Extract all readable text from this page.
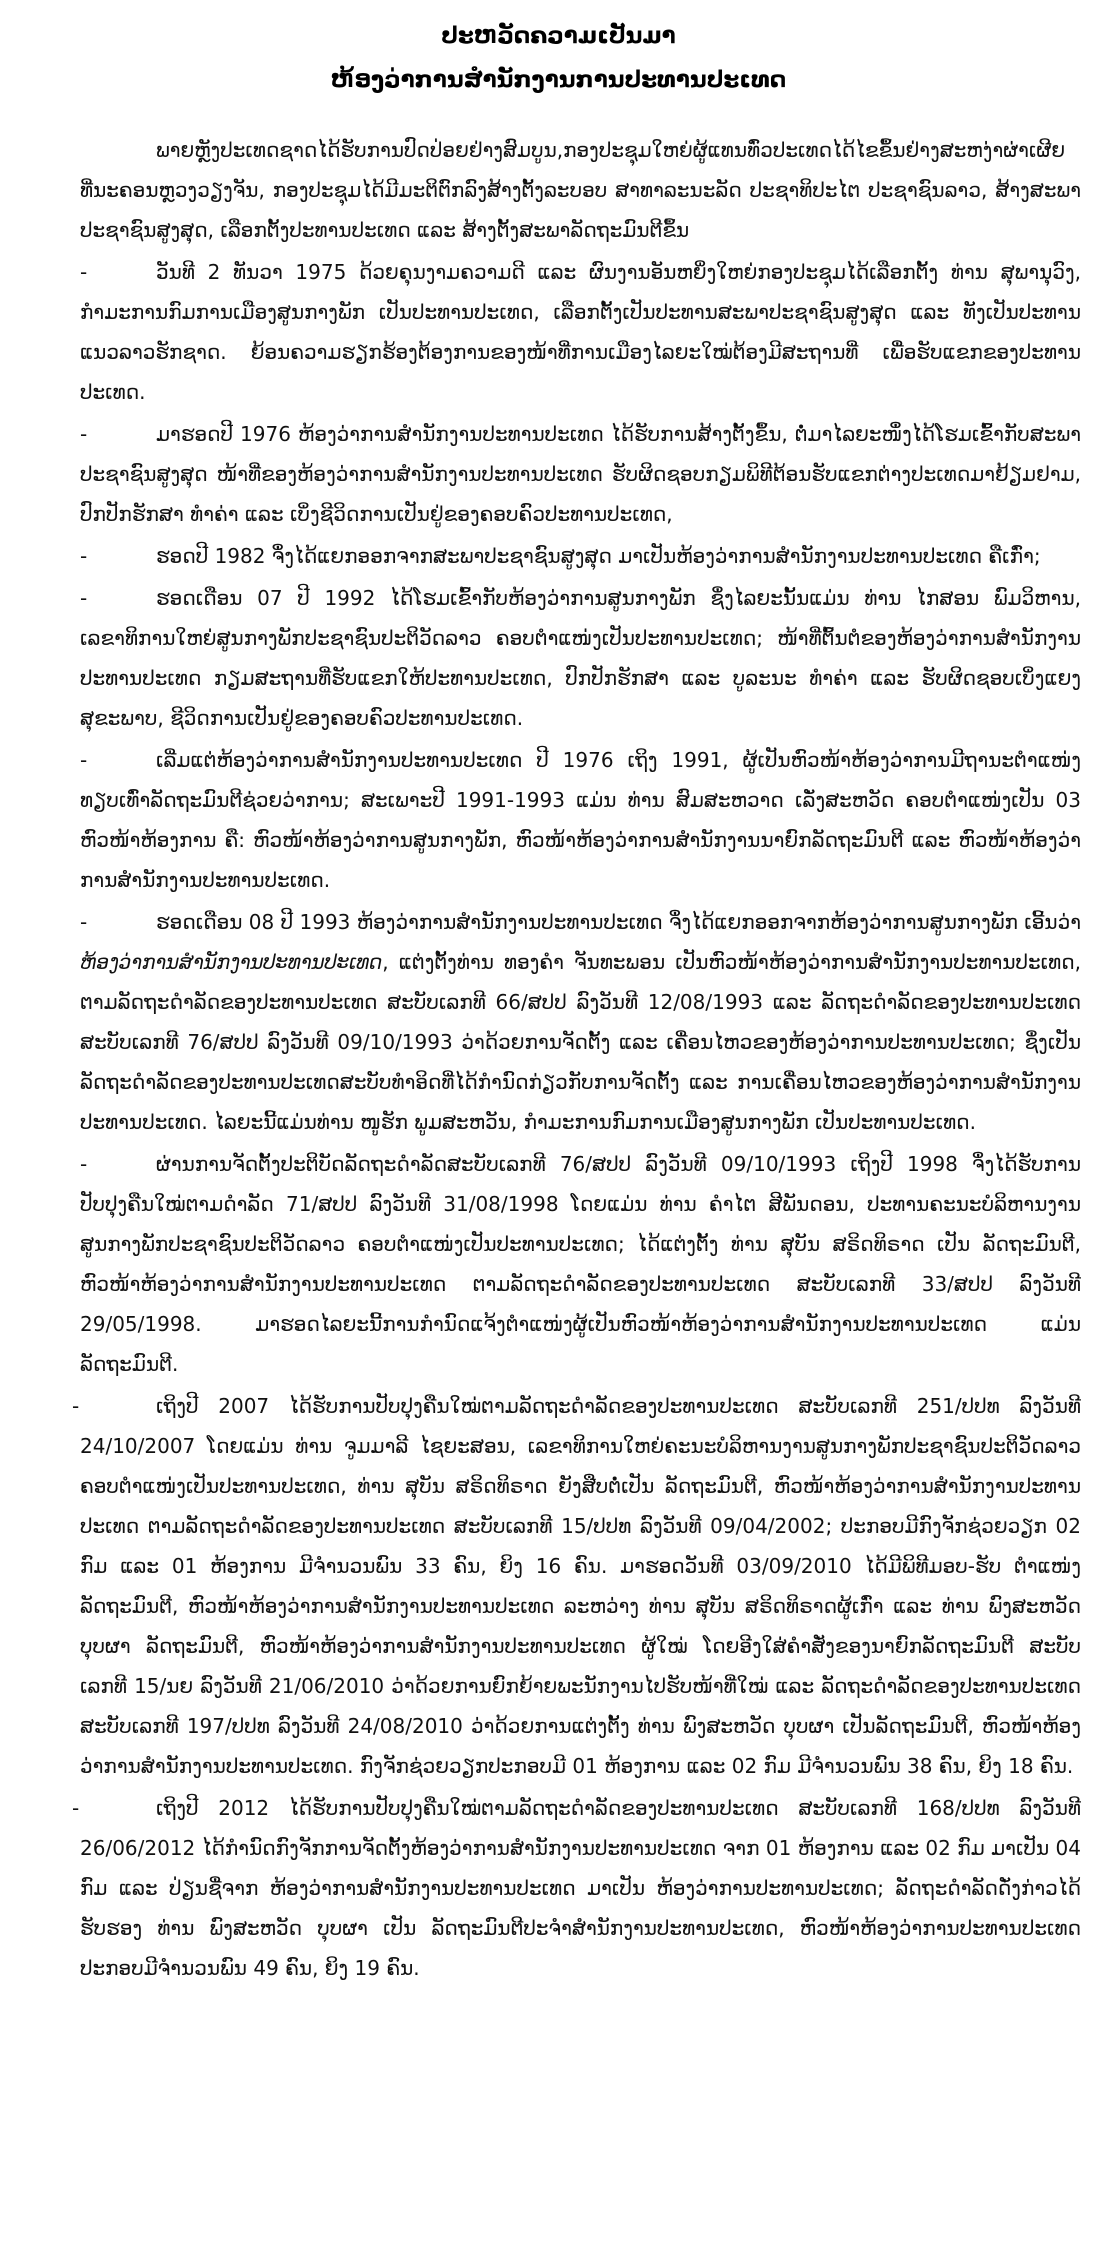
ປະຫວັດຄວາມເປັນມາ
ຫ້ອງວ່າການສຳນັກງານການປະທານປະເທດ

ພາຍຫຼັງປະເທດຊາດໄດ້ຮັບການປົດປ່ອຍຢ່າງສົມບູນ,ກອງປະຊຸມໃຫຍ່ຜູ້ແທນທົ່ວປະເທດໄດ້ໄຂຂຶ້ນຢ່າງສະຫງ່າຜ່າເຜີຍ ທີ່ນະຄອນຫຼວງວຽງຈັນ, ກອງປະຊຸມໄດ້ມີມະຕິຕົກລົງສ້າງຕັ້ງລະບອບ ສາທາລະນະລັດ ປະຊາທິປະໄຕ ປະຊາຊົນລາວ, ສ້າງສະພາປະຊາຊົນສູງສຸດ, ເລືອກຕັ້ງປະທານປະເທດ ແລະ ສ້າງຕັ້ງສະພາລັດຖະມົນຕີຂຶ້ນ

-	ວັນທີ 2 ທັນວາ 1975 ດ້ວຍຄຸນງາມຄວາມດີ ແລະ ຜົນງານອັນຫຍິ່ງໃຫຍ່ກອງປະຊຸມໄດ້ເລືອກຕັ້ງ ທ່ານ ສຸພານຸວົງ, ກຳມະການກົມການເມືອງສູນກາງພັກ ເປັນປະທານປະເທດ, ເລືອກຕັ້ງເປັນປະທານສະພາປະຊາຊົນສູງສຸດ ແລະ ທັງເປັນປະທານແນວລາວຮັກຊາດ. ຍ້ອນຄວາມຮຽກຮ້ອງຕ້ອງການຂອງໜ້າທີ່ການເມືອງໄລຍະໃໝ່ຕ້ອງມີສະຖານທີ່ ເພື່ອຮັບແຂກຂອງປະທານປະເທດ.

-	ມາຮອດປີ 1976 ຫ້ອງວ່າການສຳນັກງານປະທານປະເທດ ໄດ້ຮັບການສ້າງຕັ້ງຂຶ້ນ, ຕໍ່ມາໄລຍະໜຶ່ງໄດ້ໂຮມເຂົ້າກັບສະພາປະຊາຊົນສູງສຸດ ໜ້າທີ່ຂອງຫ້ອງວ່າການສຳນັກງານປະທານປະເທດ ຮັບຜິດຊອບກຽມພິທີຕ້ອນຮັບແຂກຕ່າງປະເທດມາຢ້ຽມຢາມ, ປົກປັກຮັກສາ ທຳຄ່າ ແລະ ເບິ່ງຊີວິດການເປັນຢູ່ຂອງຄອບຄົວປະທານປະເທດ,

-	ຮອດປີ 1982 ຈຶ່ງໄດ້ແຍກອອກຈາກສະພາປະຊາຊົນສູງສຸດ ມາເປັນຫ້ອງວ່າການສຳນັກງານປະທານປະເທດ ຄືເກົ່າ;

-	ຮອດເດືອນ 07 ປີ 1992 ໄດ້ໂຮມເຂົ້າກັບຫ້ອງວ່າການສູນກາງພັກ ຊຶ່ງໄລຍະນັ້ນແມ່ນ ທ່ານ ໄກສອນ ພົມວິຫານ, ເລຂາທິການໃຫຍ່ສູນກາງພັກປະຊາຊົນປະຕິວັດລາວ ຄອບຕຳແໜ່ງເປັນປະທານປະເທດ; ໜ້າທີ່ຕົ້ນຕໍຂອງຫ້ອງວ່າການສຳນັກງານປະທານປະເທດ ກຽມສະຖານທີ່ຮັບແຂກໃຫ້ປະທານປະເທດ, ປົກປັກຮັກສາ ແລະ ບູລະນະ ທຳຄ່າ ແລະ ຮັບຜິດຊອບເບິ່ງແຍງສຸຂະພາບ, ຊີວິດການເປັນຢູ່ຂອງຄອບຄົວປະທານປະເທດ.

-	ເລີ່ມແຕ່ຫ້ອງວ່າການສຳນັກງານປະທານປະເທດ ປີ 1976 ເຖິງ 1991, ຜູ້ເປັນຫົວໜ້າຫ້ອງວ່າການມີຖານະຕຳແໜ່ງທຽບເທົ່າລັດຖະມົນຕີຊ່ວຍວ່າການ; ສະເພາະປີ 1991-1993 ແມ່ນ ທ່ານ ສົມສະຫວາດ ເລັ່ງສະຫວັດ ຄອບຕຳແໜ່ງເປັນ 03 ຫົວໜ້າຫ້ອງການ ຄື: ຫົວໜ້າຫ້ອງວ່າການສູນກາງພັກ, ຫົວໜ້າຫ້ອງວ່າການສຳນັກງານນາຍົກລັດຖະມົນຕີ ແລະ ຫົວໜ້າຫ້ອງວ່າການສຳນັກງານປະທານປະເທດ.

-	ຮອດເດືອນ 08 ປີ 1993 ຫ້ອງວ່າການສຳນັກງານປະທານປະເທດ ຈຶ່ງໄດ້ແຍກອອກຈາກຫ້ອງວ່າການສູນກາງພັກ ເອີ້ນວ່າ ຫ້ອງວ່າການສຳນັກງານປະທານປະເທດ, ແຕ່ງຕັ້ງທ່ານ ທອງຄຳ ຈັນທະພອນ ເປັນຫົວໜ້າຫ້ອງວ່າການສຳນັກງານປະທານປະເທດ, ຕາມລັດຖະດຳລັດຂອງປະທານປະເທດ ສະບັບເລກທີ 66/ສປປ ລົງວັນທີ 12/08/1993 ແລະ ລັດຖະດຳລັດຂອງປະທານປະເທດ ສະບັບເລກທີ 76/ສປປ ລົງວັນທີ 09/10/1993 ວ່າດ້ວຍການຈັດຕັ້ງ ແລະ ເຄື່ອນໄຫວຂອງຫ້ອງວ່າການປະທານປະເທດ; ຊຶ່ງເປັນລັດຖະດຳລັດຂອງປະທານປະເທດສະບັບທຳອິດທີ່ໄດ້ກຳນົດກ່ຽວກັບການຈັດຕັ້ງ ແລະ ການເຄື່ອນໄຫວຂອງຫ້ອງວ່າການສຳນັກງານປະທານປະເທດ. ໄລຍະນີ້ແມ່ນທ່ານ ໜູຮັກ ພູມສະຫວັນ, ກຳມະການກົມການເມືອງສູນກາງພັກ ເປັນປະທານປະເທດ.

-	ຜ່ານການຈັດຕັ້ງປະຕິບັດລັດຖະດຳລັດສະບັບເລກທີ 76/ສປປ ລົງວັນທີ 09/10/1993 ເຖິງປີ 1998 ຈຶ່ງໄດ້ຮັບການປັບປຸງຄືນໃໝ່ຕາມດຳລັດ 71/ສປປ ລົງວັນທີ 31/08/1998 ໂດຍແມ່ນ ທ່ານ ຄຳໄຕ ສີພັນດອນ, ປະທານຄະນະບໍລິຫານງານສູນກາງພັກປະຊາຊົນປະຕິວັດລາວ ຄອບຕຳແໜ່ງເປັນປະທານປະເທດ; ໄດ້ແຕ່ງຕັ້ງ ທ່ານ ສຸບັນ ສຣິດທິຣາດ ເປັນ ລັດຖະມົນຕີ, ຫົວໜ້າຫ້ອງວ່າການສຳນັກງານປະທານປະເທດ ຕາມລັດຖະດຳລັດຂອງປະທານປະເທດ ສະບັບເລກທີ 33/ສປປ ລົງວັນທີ 29/05/1998. ມາຮອດໄລຍະນີ້ການກຳນົດແຈ້ງຕຳແໜ່ງຜູ້ເປັນຫົວໜ້າຫ້ອງວ່າການສຳນັກງານປະທານປະເທດ ແມ່ນ ລັດຖະມົນຕີ.

-	ເຖິງປີ 2007 ໄດ້ຮັບການປັບປຸງຄືນໃໝ່ຕາມລັດຖະດຳລັດຂອງປະທານປະເທດ ສະບັບເລກທີ 251/ປປທ ລົງວັນທີ 24/10/2007 ໂດຍແມ່ນ ທ່ານ ຈູມມາລີ ໄຊຍະສອນ, ເລຂາທິການໃຫຍ່ຄະນະບໍລິຫານງານສູນກາງພັກປະຊາຊົນປະຕິວັດລາວ ຄອບຕຳແໜ່ງເປັນປະທານປະເທດ, ທ່ານ ສຸບັນ ສຣິດທິຣາດ ຍັງສືບຕໍ່ເປັນ ລັດຖະມົນຕີ, ຫົວໜ້າຫ້ອງວ່າການສຳນັກງານປະທານປະເທດ ຕາມລັດຖະດຳລັດຂອງປະທານປະເທດ ສະບັບເລກທີ 15/ປປທ ລົງວັນທີ 09/04/2002; ປະກອບມີກົງຈັກຊ່ວຍວຽກ 02 ກົມ ແລະ 01 ຫ້ອງການ ມີຈຳນວນພົນ 33 ຄົນ, ຍິງ 16 ຄົນ. ມາຮອດວັນທີ 03/09/2010 ໄດ້ມີພິທີມອບ-ຮັບ ຕຳແໜ່ງລັດຖະມົນຕີ, ຫົວໜ້າຫ້ອງວ່າການສຳນັກງານປະທານປະເທດ ລະຫວ່າງ ທ່ານ ສຸບັນ ສຣິດທິຣາດຜູ້ເກົ່າ ແລະ ທ່ານ ພົງສະຫວັດ ບຸບຜາ ລັດຖະມົນຕີ, ຫົວໜ້າຫ້ອງວ່າການສຳນັກງານປະທານປະເທດ ຜູ້ໃໝ່ ໂດຍອີງໃສ່ຄຳສັ່ງຂອງນາຍົກລັດຖະມົນຕີ ສະບັບເລກທີ 15/ນຍ ລົງວັນທີ 21/06/2010 ວ່າດ້ວຍການຍົກຍ້າຍພະນັກງານໄປຮັບໜ້າທີ່ໃໝ່ ແລະ ລັດຖະດຳລັດຂອງປະທານປະເທດ ສະບັບເລກທີ 197/ປປທ ລົງວັນທີ 24/08/2010 ວ່າດ້ວຍການແຕ່ງຕັ້ງ ທ່ານ ພົງສະຫວັດ ບຸບຜາ ເປັນລັດຖະມົນຕີ, ຫົວໜ້າຫ້ອງວ່າການສຳນັກງານປະທານປະເທດ. ກົງຈັກຊ່ວຍວຽກປະກອບມີ 01 ຫ້ອງການ ແລະ 02 ກົມ ມີຈຳນວນພົນ 38 ຄົນ, ຍິງ 18 ຄົນ.

-	ເຖິງປີ 2012 ໄດ້ຮັບການປັບປຸງຄືນໃໝ່ຕາມລັດຖະດຳລັດຂອງປະທານປະເທດ ສະບັບເລກທີ 168/ປປທ ລົງວັນທີ 26/06/2012 ໄດ້ກຳນົດກົງຈັກການຈັດຕັ້ງຫ້ອງວ່າການສຳນັກງານປະທານປະເທດ ຈາກ 01 ຫ້ອງການ ແລະ 02 ກົມ ມາເປັນ 04 ກົມ ແລະ ປ່ຽນຊື່ຈາກ ຫ້ອງວ່າການສຳນັກງານປະທານປະເທດ ມາເປັນ ຫ້ອງວ່າການປະທານປະເທດ; ລັດຖະດຳລັດດັ່ງກ່າວໄດ້ຮັບຮອງ ທ່ານ ພົງສະຫວັດ ບຸບຜາ ເປັນ ລັດຖະມົນຕີປະຈຳສຳນັກງານປະທານປະເທດ, ຫົວໜ້າຫ້ອງວ່າການປະທານປະເທດ ປະກອບມີຈຳນວນພົນ 49 ຄົນ, ຍິງ 19 ຄົນ.
